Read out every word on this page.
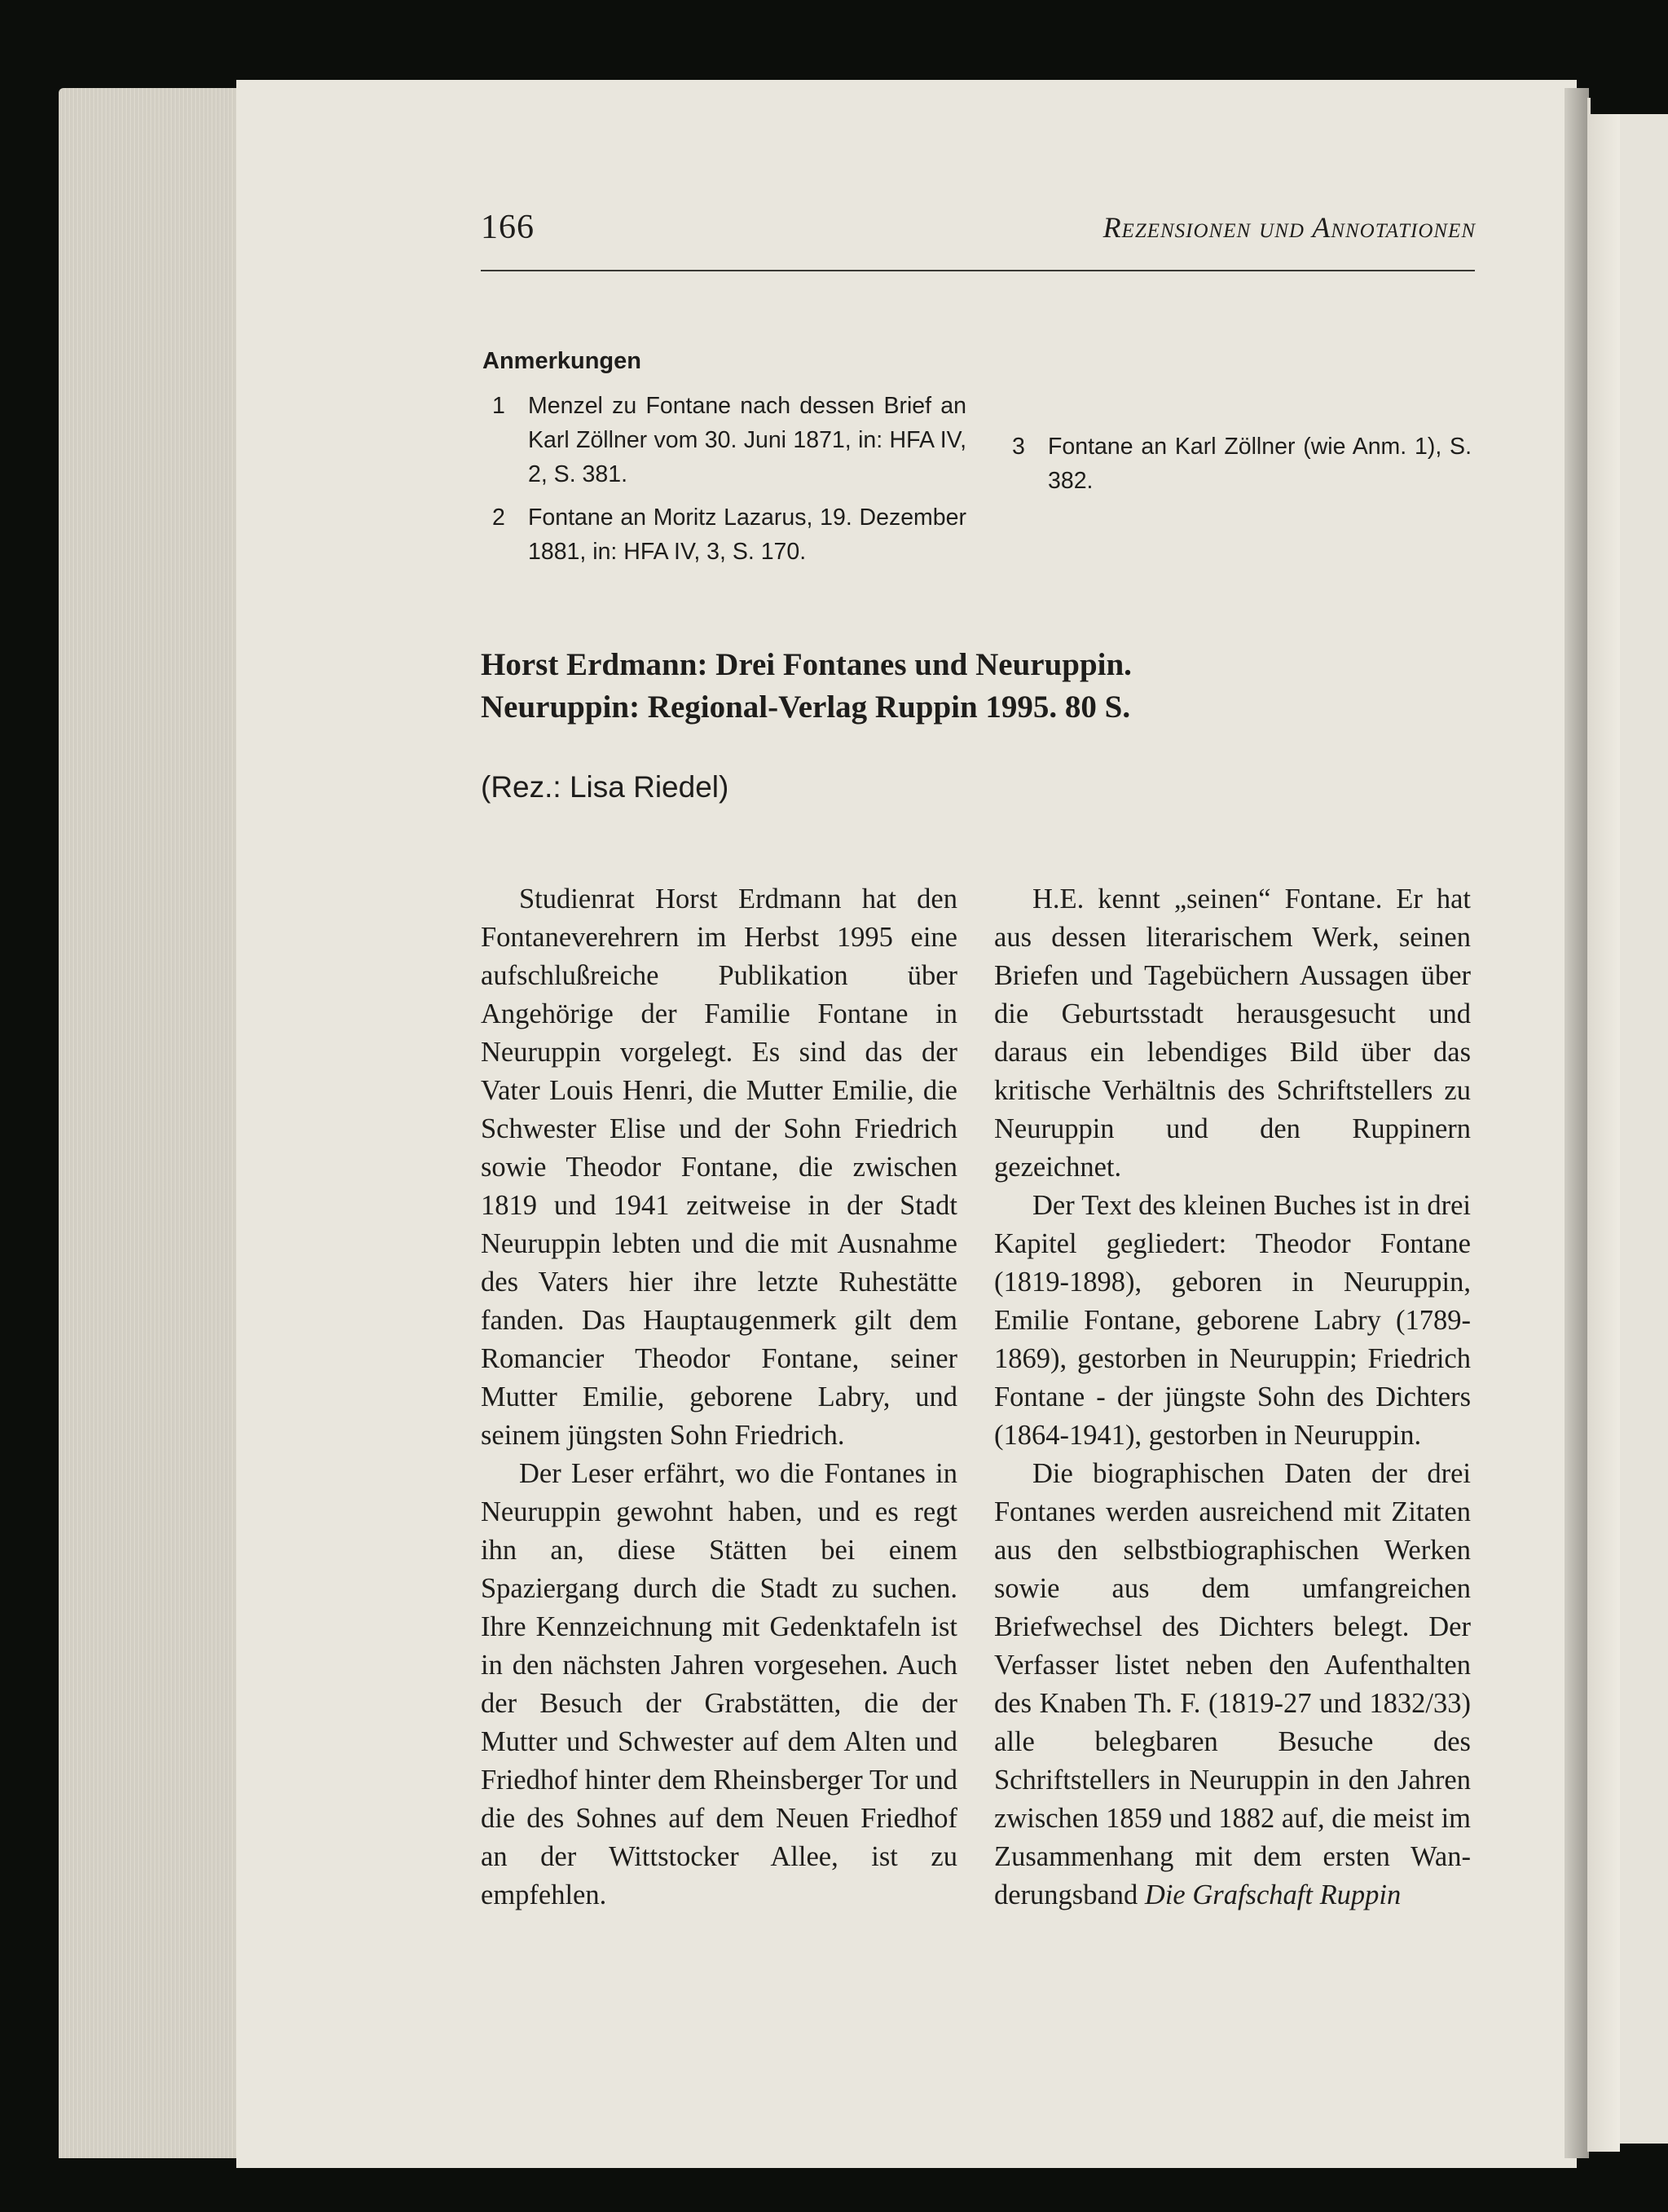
166	Rezensionen und Annotationen
Anmerkungen
1 Menzel zu Fontane nach dessen Brief an Karl Zöllner vom 30. Juni 1871, in: HFA IV, 2, S. 381.
2 Fontane an Moritz Lazarus, 19. Dezember 1881, in: HFA IV, 3, S. 170.
3 Fontane an Karl Zöllner (wie Anm. 1), S. 382.
Horst Erdmann: Drei Fontanes und Neuruppin.
Neuruppin: Regional-Verlag Ruppin 1995. 80 S.
(Rez.: Lisa Riedel)

Studienrat Horst Erdmann hat den Fontaneverehrern im Herbst 1995 eine aufschlußreiche Publikation über Angehörige der Familie Fontane in Neuruppin vorgelegt. Es sind das der Vater Louis Henri, die Mutter Emilie, die Schwester Elise und der Sohn Friedrich sowie Theodor Fontane, die zwischen 1819 und 1941 zeitweise in der Stadt Neuruppin lebten und die mit Ausnahme des Vaters hier ihre letzte Ruhestätte fanden. Das Hauptaugenmerk gilt dem Romancier Theodor Fontane, seiner Mutter Emilie, geborene Labry, und seinem jüngsten Sohn Friedrich.

Der Leser erfährt, wo die Fontanes in Neuruppin gewohnt haben, und es regt ihn an, diese Stätten bei einem Spaziergang durch die Stadt zu suchen. Ihre Kennzeichnung mit Gedenktafeln ist in den nächsten Jahren vorgesehen. Auch der Besuch der Grabstätten, die der Mutter und Schwester auf dem Alten und Friedhof hinter dem Rheinsberger Tor und die des Sohnes auf dem Neuen Friedhof an der Wittstocker Allee, ist zu empfehlen.

H.E. kennt „seinen“ Fontane. Er hat aus dessen literarischem Werk, seinen Briefen und Tagebüchern Aussagen über die Geburtsstadt herausgesucht und daraus ein lebendiges Bild über das kritische Verhältnis des Schriftstellers zu Neuruppin und den Ruppinern gezeichnet.

Der Text des kleinen Buches ist in drei Kapitel gegliedert: Theodor Fontane (1819-1898), geboren in Neuruppin, Emilie Fontane, geborene Labry (1789-1869), gestorben in Neuruppin; Friedrich Fontane - der jüngste Sohn des Dichters (1864-1941), gestorben in Neuruppin.

Die biographischen Daten der drei Fontanes werden ausreichend mit Zitaten aus den selbstbiographischen Werken sowie aus dem umfangreichen Briefwechsel des Dichters belegt. Der Verfasser listet neben den Aufenthalten des Knaben Th. F. (1819-27 und 1832/33) alle belegbaren Besuche des Schriftstellers in Neuruppin in den Jahren zwischen 1859 und 1882 auf, die meist im Zusammenhang mit dem ersten Wanderungsband Die Grafschaft Ruppin
